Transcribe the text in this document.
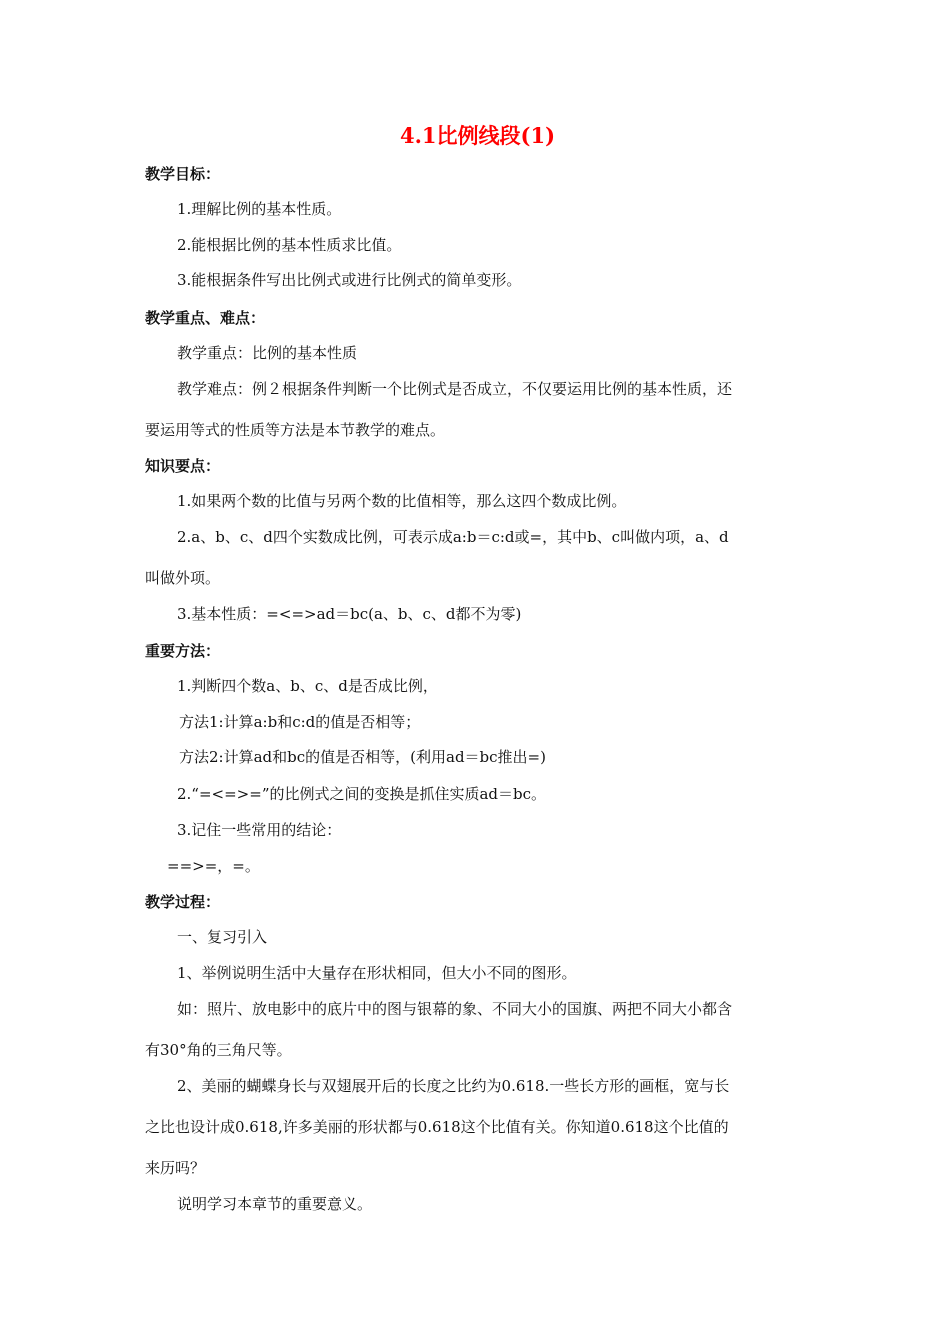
4.1比例线段(1)
教学目标：
1.理解比例的基本性质。
2.能根据比例的基本性质求比值。
3.能根据条件写出比例式或进行比例式的简单变形。
教学重点、难点：
教学重点：比例的基本性质
教学难点：例２根据条件判断一个比例式是否成立，不仅要运用比例的基本性质，还
要运用等式的性质等方法是本节教学的难点。
知识要点：
1.如果两个数的比值与另两个数的比值相等，那么这四个数成比例。
2.a、b、c、d四个实数成比例，可表示成a:b＝c:d或=，其中b、c叫做内项，a、d
叫做外项。
3.基本性质：=<=>ad＝bc(a、b、c、d都不为零)
重要方法：
1.判断四个数a、b、c、d是否成比例，
方法1:计算a:b和c:d的值是否相等；
方法2:计算ad和bc的值是否相等，(利用ad＝bc推出=)
2.“=<=>=”的比例式之间的变换是抓住实质ad＝bc。
3.记住一些常用的结论：
==>=，=。
教学过程：
一、复习引入
1、举例说明生活中大量存在形状相同，但大小不同的图形。
如：照片、放电影中的底片中的图与银幕的象、不同大小的国旗、两把不同大小都含
有30°角的三角尺等。
2、美丽的蝴蝶身长与双翅展开后的长度之比约为0.618.一些长方形的画框，宽与长
之比也设计成0.618,许多美丽的形状都与0.618这个比值有关。你知道0.618这个比值的
来历吗？
说明学习本章节的重要意义。
